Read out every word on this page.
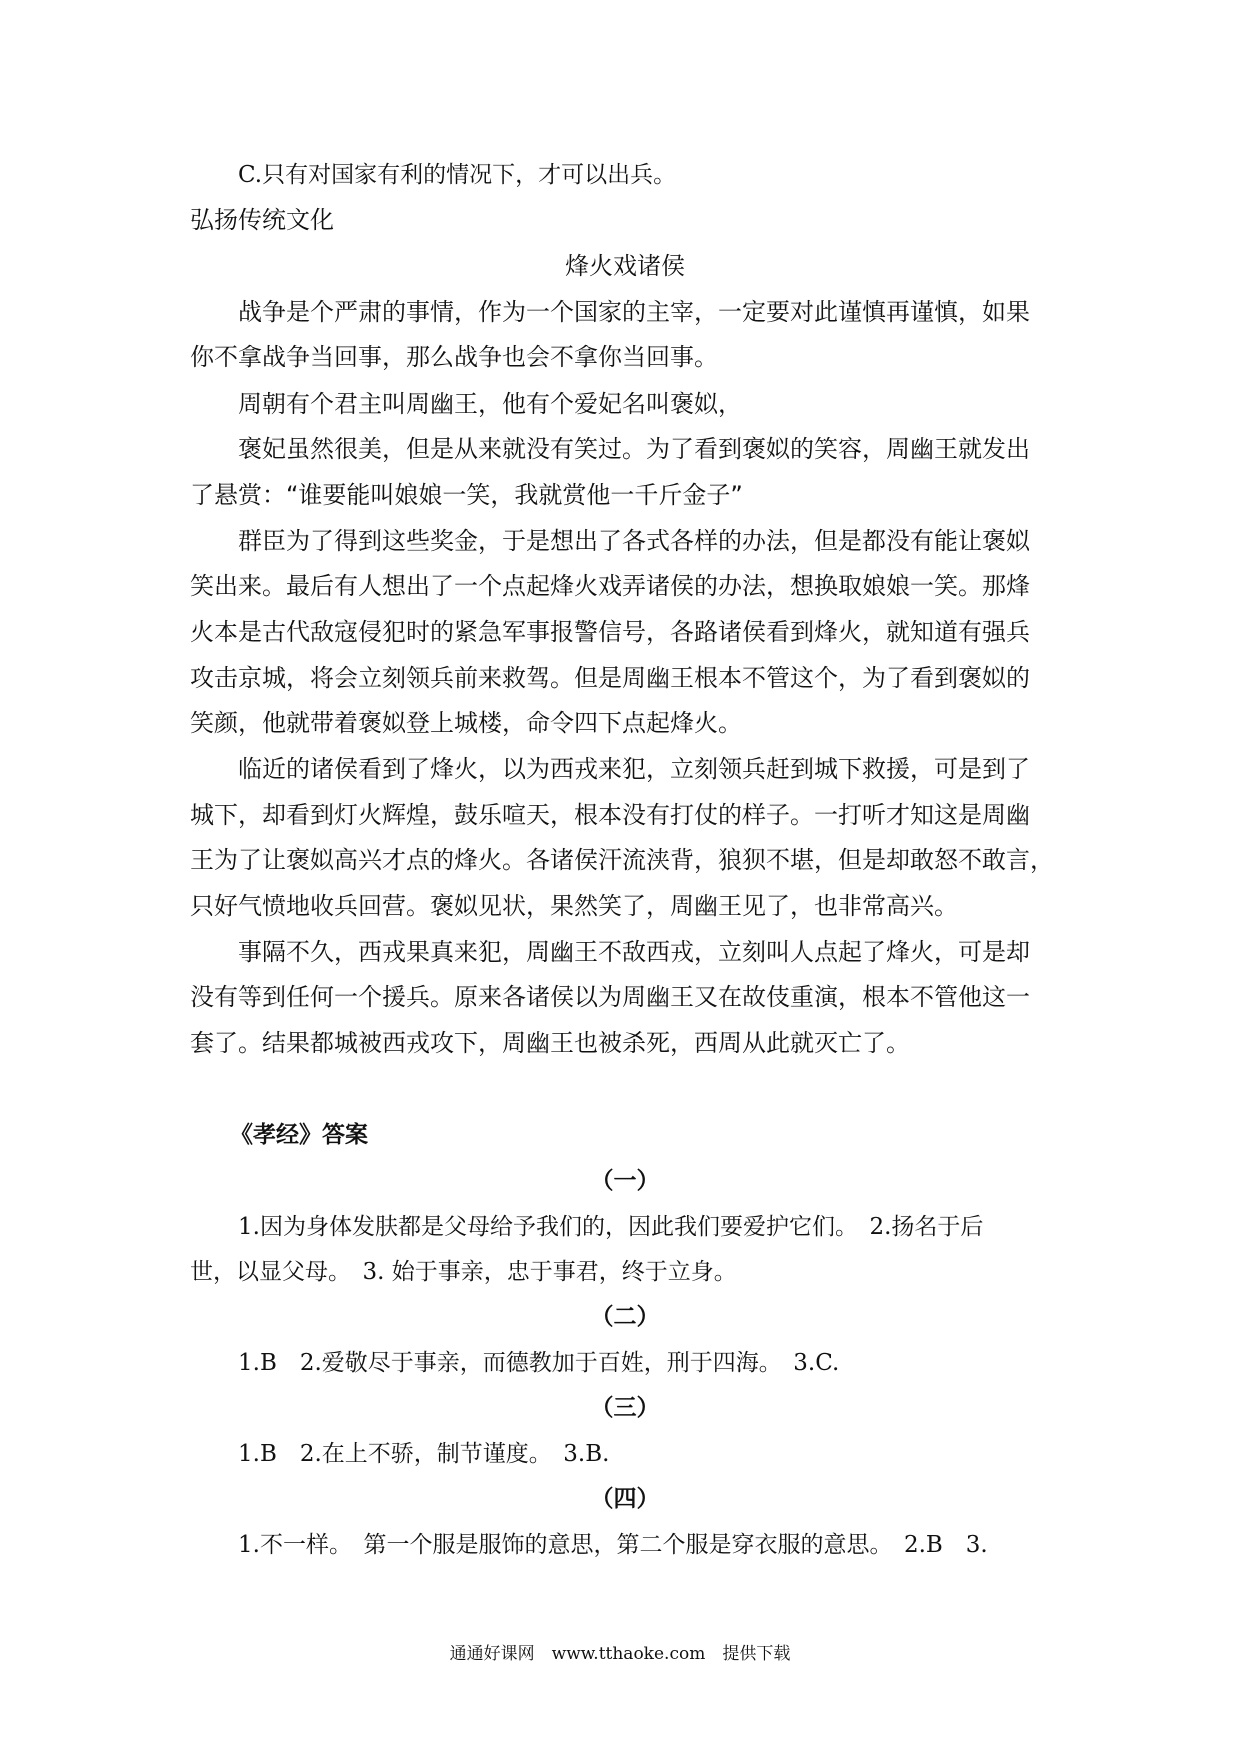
C.只有对国家有利的情况下，才可以出兵。
弘扬传统文化
烽火戏诸侯
战争是个严肃的事情，作为一个国家的主宰，一定要对此谨慎再谨慎，如果
你不拿战争当回事，那么战争也会不拿你当回事。
周朝有个君主叫周幽王，他有个爱妃名叫褒姒，
褒妃虽然很美，但是从来就没有笑过。为了看到褒姒的笑容，周幽王就发出
了悬赏：“谁要能叫娘娘一笑，我就赏他一千斤金子”
群臣为了得到这些奖金，于是想出了各式各样的办法，但是都没有能让褒姒
笑出来。最后有人想出了一个点起烽火戏弄诸侯的办法，想换取娘娘一笑。那烽
火本是古代敌寇侵犯时的紧急军事报警信号，各路诸侯看到烽火，就知道有强兵
攻击京城，将会立刻领兵前来救驾。但是周幽王根本不管这个，为了看到褒姒的
笑颜，他就带着褒姒登上城楼，命令四下点起烽火。
临近的诸侯看到了烽火，以为西戎来犯，立刻领兵赶到城下救援，可是到了
城下，却看到灯火辉煌，鼓乐喧天，根本没有打仗的样子。一打听才知这是周幽
王为了让褒姒高兴才点的烽火。各诸侯汗流浃背，狼狈不堪，但是却敢怒不敢言，
只好气愤地收兵回营。褒姒见状，果然笑了，周幽王见了，也非常高兴。
事隔不久，西戎果真来犯，周幽王不敌西戎，立刻叫人点起了烽火，可是却
没有等到任何一个援兵。原来各诸侯以为周幽王又在故伎重演，根本不管他这一
套了。结果都城被西戎攻下，周幽王也被杀死，西周从此就灭亡了。
《孝经》答案
（一）
1.因为身体发肤都是父母给予我们的，因此我们要爱护它们。　2.扬名于后
世，以显父母。　3. 始于事亲，忠于事君，终于立身。
（二）
1.B　2.爱敬尽于事亲，而德教加于百姓，刑于四海。　3.C.
（三）
1.B　2.在上不骄，制节谨度。　3.B.
（四）
1.不一样。　第一个服是服饰的意思，第二个服是穿衣服的意思。　2.B　3.
通通好课网　www.tthaoke.com　提供下载
